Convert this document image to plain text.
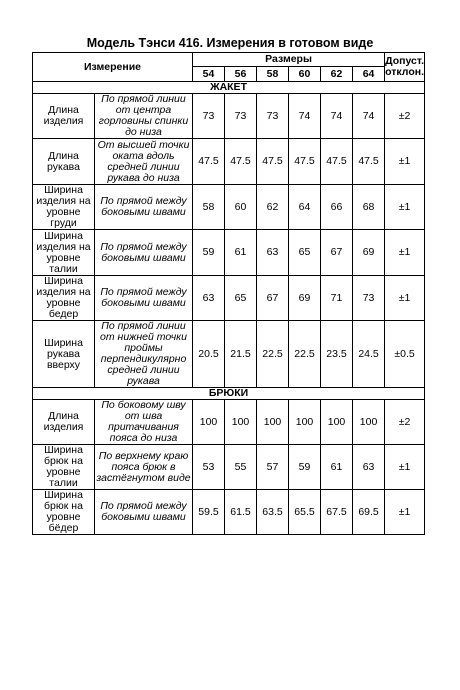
Модель Тэнси 416. Измерения в готовом виде
Измерение		Размеры						Допуст. отклон.
		54	56	58	60	62	64	
ЖАКЕТ								
Длина изделия	По прямой линии от центра горловины спинки до низа	73	73	73	74	74	74	±2
Длина рукава	От высшей точки оката вдоль средней линии рукава до низа	47.5	47.5	47.5	47.5	47.5	47.5	±1
Ширина изделия на уровне груди	По прямой между боковыми швами	58	60	62	64	66	68	±1
Ширина изделия на уровне талии	По прямой между боковыми швами	59	61	63	65	67	69	±1
Ширина изделия на уровне бедер	По прямой между боковыми швами	63	65	67	69	71	73	±1
Ширина рукава вверху	По прямой линии от нижней точки проймы перпендикулярно средней линии рукава	20.5	21.5	22.5	22.5	23.5	24.5	±0.5
БРЮКИ								
Длина изделия	По боковому шву от шва притачивания пояса до низа	100	100	100	100	100	100	±2
Ширина брюк на уровне талии	По верхнему краю пояса брюк в застёгнутом виде	53	55	57	59	61	63	±1
Ширина брюк на уровне бёдер	По прямой между боковыми швами	59.5	61.5	63.5	65.5	67.5	69.5	±1
